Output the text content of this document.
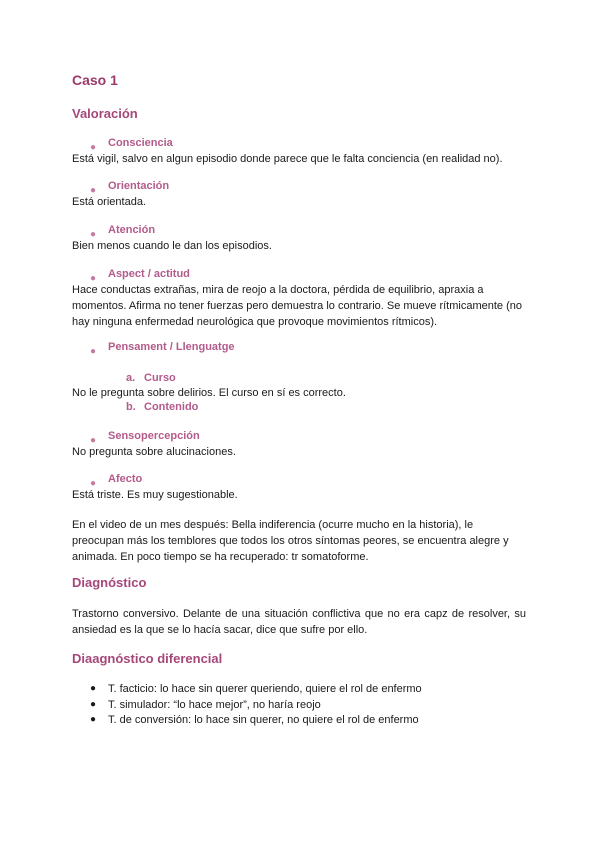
Caso 1
Valoración
● Consciencia
Está vigil, salvo en algun episodio donde parece que le falta conciencia (en realidad no).
● Orientación
Está orientada.
● Atención
Bien menos cuando le dan los episodios.
● Aspect / actitud
Hace conductas extrañas, mira de reojo a la doctora, pérdida de equilibrio, apraxia a momentos. Afirma no tener fuerzas pero demuestra lo contrario. Se mueve rítmicamente (no hay ninguna enfermedad neurológica que provoque movimientos rítmicos).
● Pensament / Llenguatge
a. Curso
No le pregunta sobre delirios. El curso en sí es correcto.
b. Contenido
● Sensopercepción
No pregunta sobre alucinaciones.
● Afecto
Está triste. Es muy sugestionable.
En el video de un mes después: Bella indiferencia (ocurre mucho en la historia), le preocupan más los temblores que todos los otros síntomas peores, se encuentra alegre y animada. En poco tiempo se ha recuperado: tr somatoforme.
Diagnóstico
Trastorno conversivo. Delante de una situación conflictiva que no era capz de resolver, su ansiedad es la que se lo hacía sacar, dice que sufre por ello.
Diaagnóstico diferencial
● T. facticio: lo hace sin querer queriendo, quiere el rol de enfermo
● T. simulador: “lo hace mejor”, no haría reojo
● T. de conversión: lo hace sin querer, no quiere el rol de enfermo
